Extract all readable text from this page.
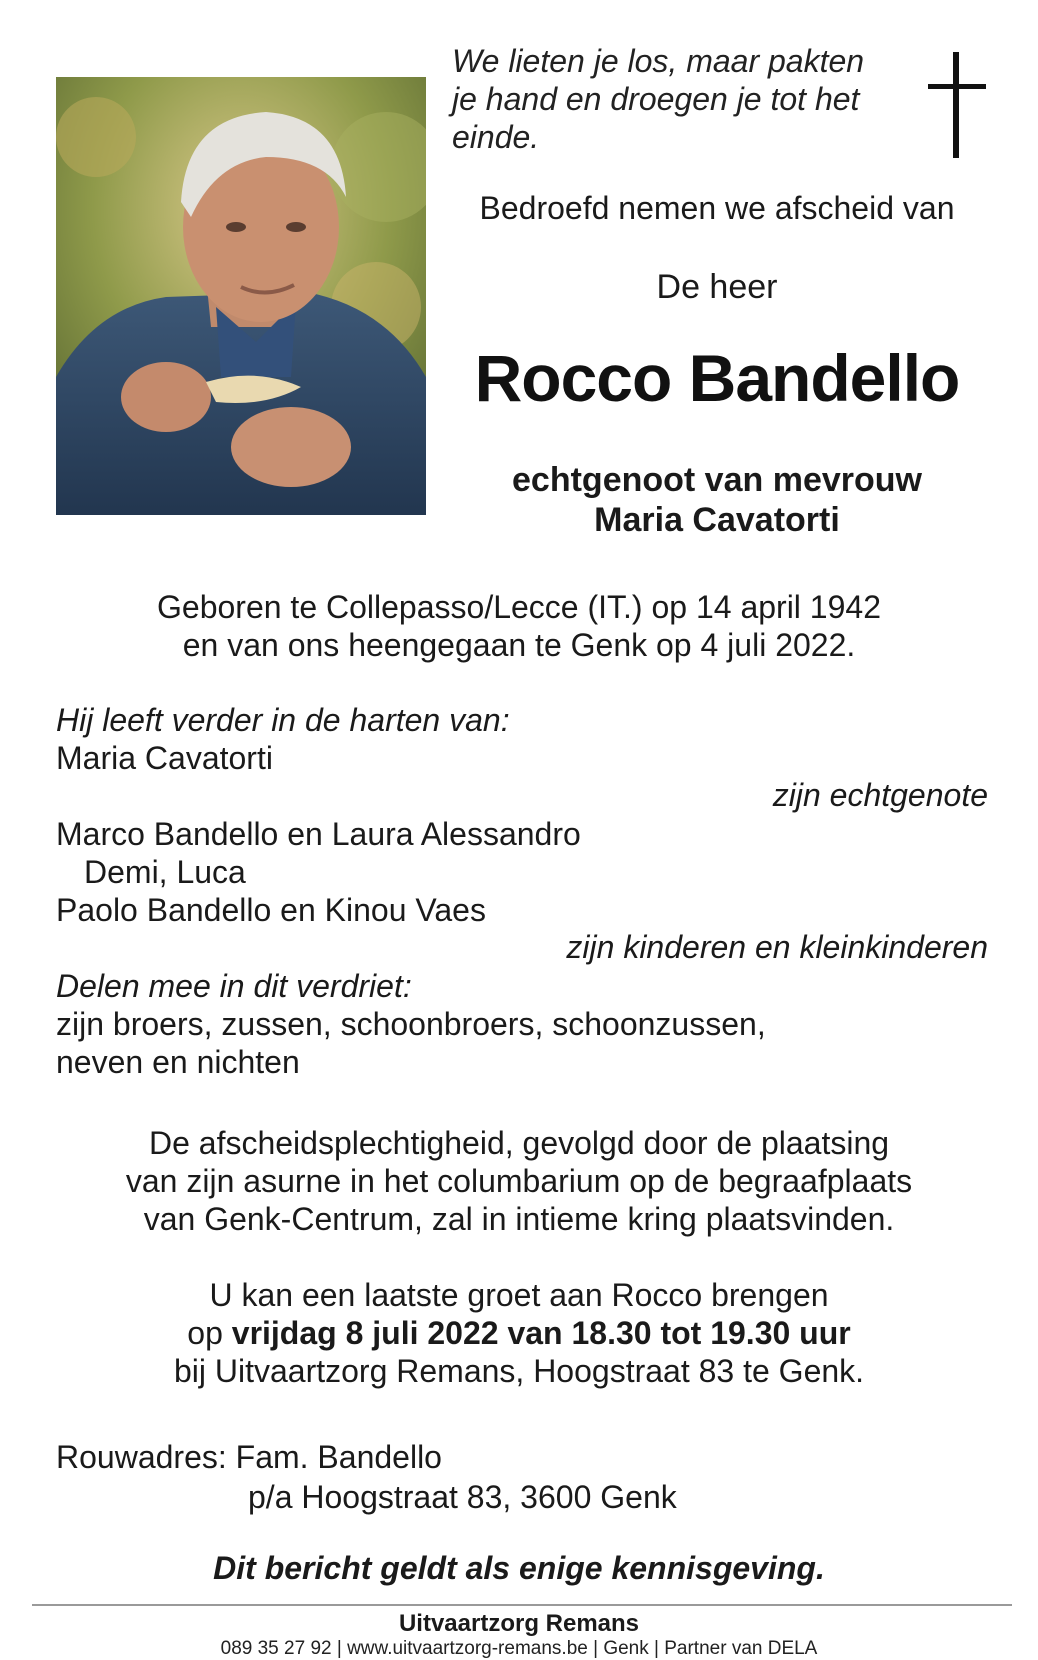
We lieten je los, maar pakten
je hand en droegen je tot het
einde.
Bedroefd nemen we afscheid van
De heer
Rocco Bandello
echtgenoot van mevrouw
Maria Cavatorti
Geboren te Collepasso/Lecce (IT.) op 14 april 1942
en van ons heengegaan te Genk op 4 juli 2022.
Hij leeft verder in de harten van:
Maria Cavatorti
zijn echtgenote
Marco Bandello en Laura Alessandro
Demi, Luca
Paolo Bandello en Kinou Vaes
zijn kinderen en kleinkinderen
Delen mee in dit verdriet:
zijn broers, zussen, schoonbroers, schoonzussen,
neven en nichten
De afscheidsplechtigheid, gevolgd door de plaatsing
van zijn asurne in het columbarium op de begraafplaats
van Genk-Centrum, zal in intieme kring plaatsvinden.
U kan een laatste groet aan Rocco brengen
op vrijdag 8 juli 2022 van 18.30 tot 19.30 uur
bij Uitvaartzorg Remans, Hoogstraat 83 te Genk.
Rouwadres: Fam. Bandello
p/a Hoogstraat 83, 3600 Genk
Dit bericht geldt als enige kennisgeving.
Uitvaartzorg Remans
089 35 27 92 | www.uitvaartzorg-remans.be | Genk | Partner van DELA
